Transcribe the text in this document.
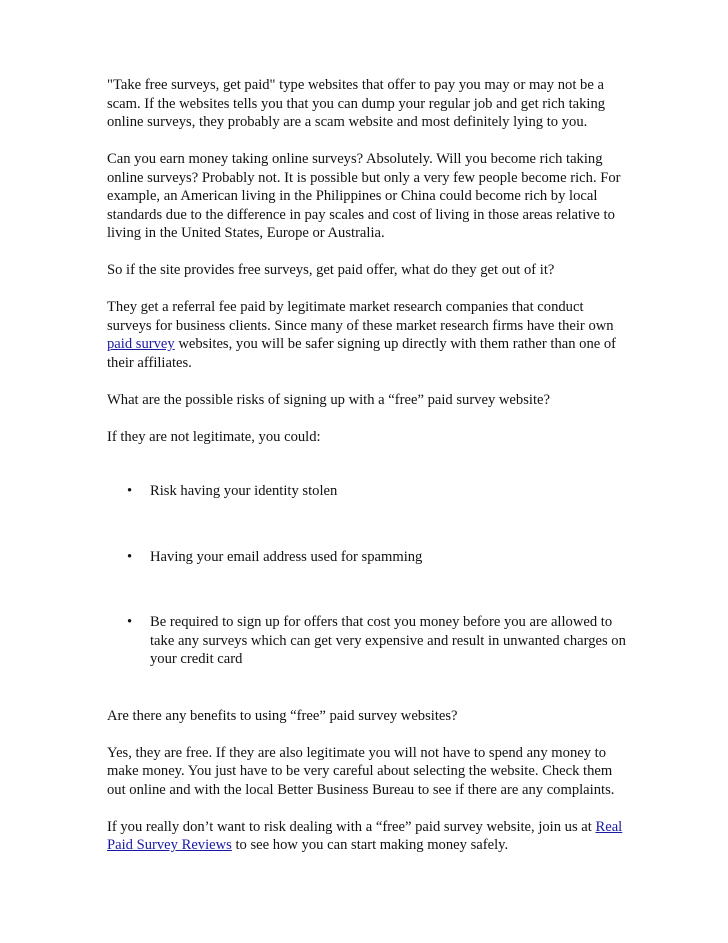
"Take free surveys, get paid" type websites that offer to pay you may or may not be a scam. If the websites tells you that you can dump your regular job and get rich taking online surveys, they probably are a scam website and most definitely lying to you.

Can you earn money taking online surveys? Absolutely. Will you become rich taking online surveys? Probably not. It is possible but only a very few people become rich. For example, an American living in the Philippines or China could become rich by local standards due to the difference in pay scales and cost of living in those areas relative to living in the United States, Europe or Australia.

So if the site provides free surveys, get paid offer, what do they get out of it?

They get a referral fee paid by legitimate market research companies that conduct surveys for business clients. Since many of these market research firms have their own paid survey websites, you will be safer signing up directly with them rather than one of their affiliates.

What are the possible risks of signing up with a “free” paid survey website?

If they are not legitimate, you could:

• Risk having your identity stolen
• Having your email address used for spamming
• Be required to sign up for offers that cost you money before you are allowed to take any surveys which can get very expensive and result in unwanted charges on your credit card

Are there any benefits to using “free” paid survey websites?

Yes, they are free. If they are also legitimate you will not have to spend any money to make money. You just have to be very careful about selecting the website. Check them out online and with the local Better Business Bureau to see if there are any complaints.

If you really don’t want to risk dealing with a “free” paid survey website, join us at Real Paid Survey Reviews to see how you can start making money safely.
